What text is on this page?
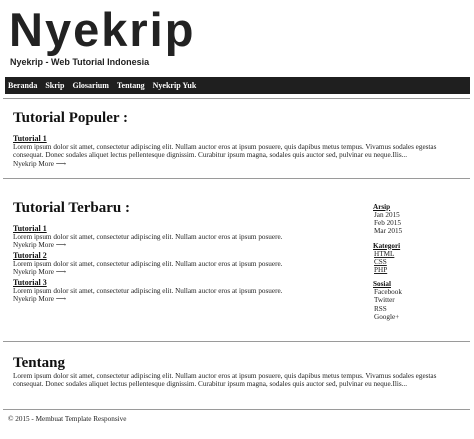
Nyekrip
Nyekrip - Web Tutorial Indonesia
Beranda Skrip Glosarium Tentang Nyekrip Yuk
Tutorial Populer :
Tutorial 1

Lorem ipsum dolor sit amet, consectetur adipiscing elit. Nullam auctor eros at ipsum posuere, quis dapibus metus tempus. Vivamus sodales egestas consequat. Donec sodales aliquet lectus pellentesque dignissim. Curabitur ipsum magna, sodales quis auctor sed, pulvinar eu neque.Ilis...

Nyekrip More ⟶
Tutorial Terbaru :
Tutorial 1

Lorem ipsum dolor sit amet, consectetur adipiscing elit. Nullam auctor eros at ipsum posuere.

Nyekrip More ⟶
Tutorial 2

Lorem ipsum dolor sit amet, consectetur adipiscing elit. Nullam auctor eros at ipsum posuere.

Nyekrip More ⟶
Tutorial 3

Lorem ipsum dolor sit amet, consectetur adipiscing elit. Nullam auctor eros at ipsum posuere.

Nyekrip More ⟶
Arsip
Jan 2015
Feb 2015
Mar 2015
Kategori
HTML
CSS
PHP
Sosial
Facebook
Twitter
RSS
Google+
Tentang

Lorem ipsum dolor sit amet, consectetur adipiscing elit. Nullam auctor eros at ipsum posuere, quis dapibus metus tempus. Vivamus sodales egestas consequat. Donec sodales aliquet lectus pellentesque dignissim. Curabitur ipsum magna, sodales quis auctor sed, pulvinar eu neque.Ilis...

© 2015 - Membuat Template Responsive
